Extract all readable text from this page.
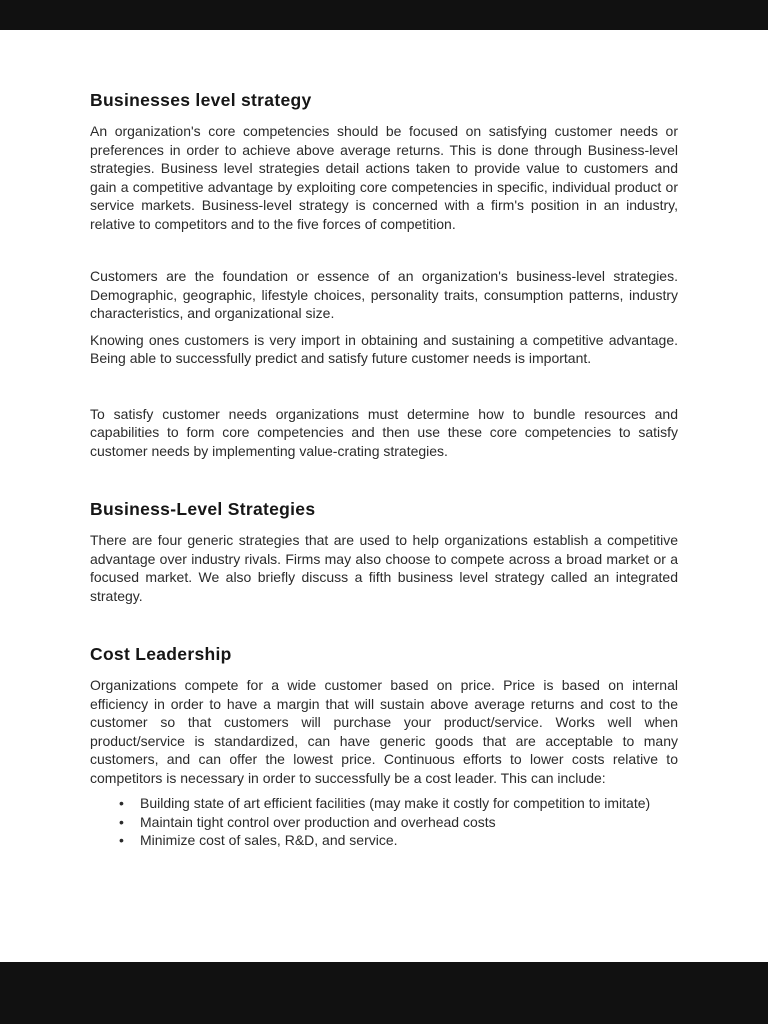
Businesses level strategy

An organization's core competencies should be focused on satisfying customer needs or preferences in order to achieve above average returns. This is done through Business-level strategies. Business level strategies detail actions taken to provide value to customers and gain a competitive advantage by exploiting core competencies in specific, individual product or service markets. Business-level strategy is concerned with a firm's position in an industry, relative to competitors and to the five forces of competition.

Customers are the foundation or essence of an organization's business-level strategies. Demographic, geographic, lifestyle choices, personality traits, consumption patterns, industry characteristics, and organizational size.

Knowing ones customers is very import in obtaining and sustaining a competitive advantage. Being able to successfully predict and satisfy future customer needs is important.

To satisfy customer needs organizations must determine how to bundle resources and capabilities to form core competencies and then use these core competencies to satisfy customer needs by implementing value-crating strategies.

Business-Level Strategies

There are four generic strategies that are used to help organizations establish a competitive advantage over industry rivals. Firms may also choose to compete across a broad market or a focused market. We also briefly discuss a fifth business level strategy called an integrated strategy.

Cost Leadership

Organizations compete for a wide customer based on price. Price is based on internal efficiency in order to have a margin that will sustain above average returns and cost to the customer so that customers will purchase your product/service. Works well when product/service is standardized, can have generic goods that are acceptable to many customers, and can offer the lowest price. Continuous efforts to lower costs relative to competitors is necessary in order to successfully be a cost leader. This can include:

• Building state of art efficient facilities (may make it costly for competition to imitate)
• Maintain tight control over production and overhead costs
• Minimize cost of sales, R&D, and service.
